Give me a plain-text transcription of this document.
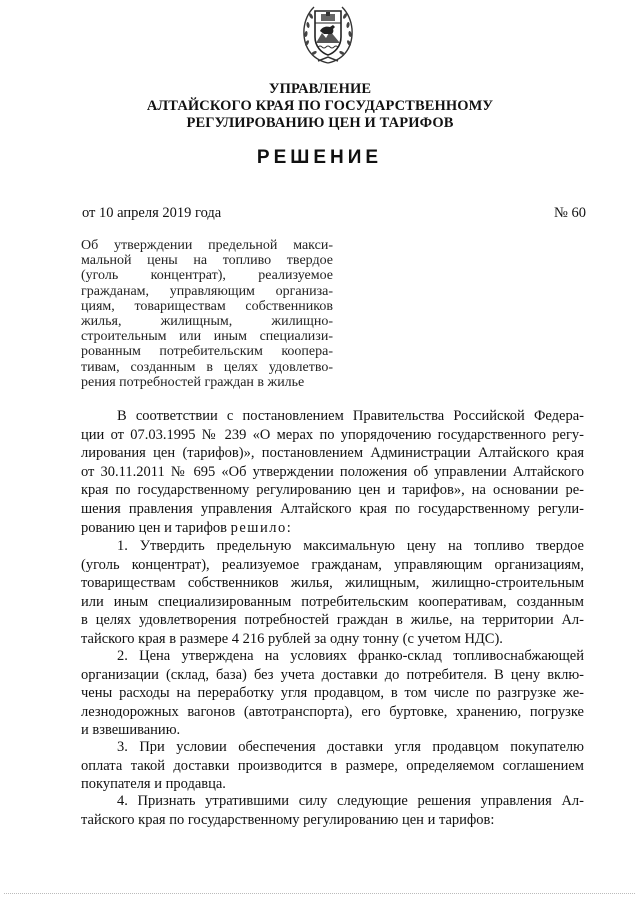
УПРАВЛЕНИЕ
АЛТАЙСКОГО КРАЯ ПО ГОСУДАРСТВЕННОМУ
РЕГУЛИРОВАНИЮ ЦЕН И ТАРИФОВ
РЕШЕНИЕ
от 10 апреля 2019 года	№ 60
Об утверждении предельной макси-
мальной цены на топливо твердое
(уголь концентрат), реализуемое
гражданам, управляющим организа-
циям, товариществам собственников
жилья, жилищным, жилищно-
строительным или иным специализи-
рованным потребительским коопера-
тивам, созданным в целях удовлетво-
рения потребностей граждан в жилье
В соответствии с постановлением Правительства Российской Федера-
ции от 07.03.1995 № 239 «О мерах по упорядочению государственного регу-
лирования цен (тарифов)», постановлением Администрации Алтайского края
от 30.11.2011 № 695 «Об утверждении положения об управлении Алтайского
края по государственному регулированию цен и тарифов», на основании ре-
шения правления управления Алтайского края по государственному регули-
рованию цен и тарифов решило:
1. Утвердить предельную максимальную цену на топливо твердое
(уголь концентрат), реализуемое гражданам, управляющим организациям,
товариществам собственников жилья, жилищным, жилищно-строительным
или иным специализированным потребительским кооперативам, созданным
в целях удовлетворения потребностей граждан в жилье, на территории Ал-
тайского края в размере 4 216 рублей за одну тонну (с учетом НДС).
2. Цена утверждена на условиях франко-склад топливоснабжающей
организации (склад, база) без учета доставки до потребителя. В цену вклю-
чены расходы на переработку угля продавцом, в том числе по разгрузке же-
лезнодорожных вагонов (автотранспорта), его буртовке, хранению, погрузке
и взвешиванию.
3. При условии обеспечения доставки угля продавцом покупателю
оплата такой доставки производится в размере, определяемом соглашением
покупателя и продавца.
4. Признать утратившими силу следующие решения управления Ал-
тайского края по государственному регулированию цен и тарифов:
